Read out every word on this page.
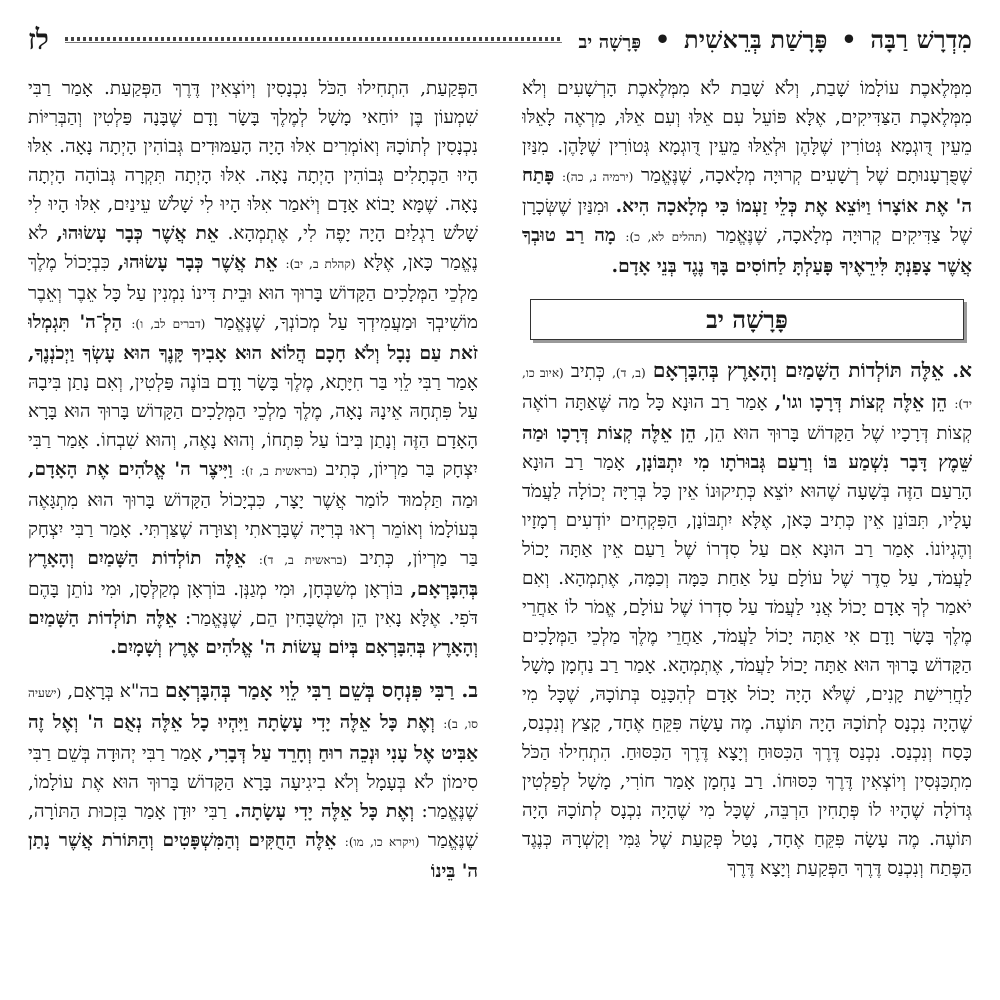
מִדְרָשׁ רַבָּה • פָּרָשַׁת בְּרֵאשִׁית • פָּרָשָׁה יב
לז

מִמְּלֶאכֶת עוֹלָמוֹ שָׁבַת, וְלֹא שָׁבַת לֹא מִמְּלֶאכֶת הָרְשָׁעִים וְלֹא מִמְּלֶאכֶת הַצַּדִּיקִים, אֶלָּא פּוֹעֵל עִם אֵלּוּ וְעִם אֵלּוּ, מַרְאֶה לָאֵלּוּ מֵעֵין דֻּוגְמָא גְּטוֹרִין שֶׁלָּהֶן וּלְאֵלּוּ מֵעֵין דֻּוגְמָא גְּטוֹרִין שֶׁלָּהֶן. מִנַּיִן שֶׁפֻּרְעָנוּתָם שֶׁל רְשָׁעִים קְרוּיָה מְלָאכָה, שֶׁנֶּאֱמַר (ירמיה נ, כה): פָּתַח ה' אֶת אוֹצָרוֹ וַיּוֹצֵא אֶת כְּלֵי זַעְמוֹ כִּי מְלָאכָה הִיא. וּמִנַּיִן שֶׁשְּׂכָרָן שֶׁל צַדִּיקִים קְרוּיָה מְלָאכָה, שֶׁנֶּאֱמַר (תהלים לא, כ): מָה רַב טוּבְךָ אֲשֶׁר צָפַנְתָּ לִּירֵאֶיךָ פָּעַלְתָּ לַחוֹסִים בָּךְ נֶגֶד בְּנֵי אָדָם.

פָּרָשָׁה יב

א. אֵלֶּה תּוֹלְדוֹת הַשָּׁמַיִם וְהָאָרֶץ בְּהִבָּרְאָם (ב, ד), כְּתִיב (איוב כו, יד): הֵן אֵלֶּה קְצוֹת דְּרָכָו וגו', אָמַר רַב הוּנָא כָּל מַה שֶּׁאַתָּה רוֹאֶה קְצוֹת דְּרָכָיו שֶׁל הַקָּדוֹשׁ בָּרוּךְ הוּא הֵן, הֵן אֵלֶּה קְצוֹת דְּרָכָו וּמַה שֵּׁמֶץ דָּבָר נִשְׁמַע בּוֹ וְרַעַם גְּבוּרֹתָו מִי יִתְבּוֹנָן, אָמַר רַב הוּנָא הָרַעַם הַזֶּה בְּשָׁעָה שֶׁהוּא יוֹצֵא כְּתִיקוּנוֹ אֵין כָּל בְּרִיָּה יְכוֹלָה לַעֲמֹד עָלָיו, תִּבּוֹנֵן אֵין כְּתִיב כָּאן, אֶלָּא יִתְבּוֹנָן, הַפִּקְחִים יוֹדְעִים רְמָזָיו וְהֶגְיוֹנוֹ. אָמַר רַב הוּנָא אִם עַל סִדְרוֹ שֶׁל רַעַם אֵין אַתָּה יָכוֹל לַעֲמֹד, עַל סֵדֶר שֶׁל עוֹלָם עַל אַחַת כַּמָּה וְכַמָּה, אֶתְמְהָא. וְאִם יֹאמַר לְךָ אָדָם יָכוֹל אֲנִי לַעֲמֹד עַל סִדְרוֹ שֶׁל עוֹלָם, אֱמֹר לוֹ אַחֲרֵי מֶלֶךְ בָּשָׂר וָדָם אִי אַתָּה יָכוֹל לַעֲמֹד, אַחֲרֵי מֶלֶךְ מַלְכֵי הַמְּלָכִים הַקָּדוֹשׁ בָּרוּךְ הוּא אַתָּה יָכוֹל לַעֲמֹד, אֶתְמְהָא. אָמַר רַב נַחְמָן מָשָׁל לַחֲרִישַׁת קָנִים, שֶׁלֹּא הָיָה יָכוֹל אָדָם לְהִכָּנֵס בְּתוֹכָהּ, שֶׁכָּל מִי שֶׁהָיָה נִכְנָס לְתוֹכָהּ הָיָה תּוֹעֶה. מֶה עָשָׂה פִּקֵּחַ אֶחָד, קָצַץ וְנִכְנַס, כָּסַח וְנִכְנַס. נִכְנַס דֶּרֶךְ הַכִּסּוּחַ וְיָצָא דֶּרֶךְ הַכִּסּוּחַ. הִתְחִילוּ הַכֹּל מִתְכַּנְּסִין וְיוֹצְאִין דֶּרֶךְ כִּסּוּחוֹ. רַב נַחְמָן אָמַר חוֹרִי, מָשָׁל לְפַלְטִין גְּדוֹלָה שֶׁהָיוּ לוֹ פְּתָחִין הַרְבֵּה, שֶׁכָּל מִי שֶׁהָיָה נִכְנָס לְתוֹכָהּ הָיָה תּוֹעֶה. מֶה עָשָׂה פִּקֵּחַ אֶחָד, נָטַל פְּקַעַת שֶׁל גַּמִּי וְקָשְׁרָהּ כְּנֶגֶד הַפֶּתַח וְנִכְנַס דֶּרֶךְ הַפְּקַעַת וְיָצָא דֶּרֶךְ

הַפְּקַעַת, הִתְחִילוּ הַכֹּל נִכְנָסִין וְיוֹצְאִין דֶּרֶךְ הַפְּקַעַת. אָמַר רַבִּי שִׁמְעוֹן בֶּן יוֹחַאי מָשָׁל לְמֶלֶךְ בָּשָׂר וָדָם שֶׁבָּנָה פַּלְטִין וְהַבְּרִיּוֹת נִכְנָסִין לְתוֹכָהּ וְאוֹמְרִים אִלּוּ הָיָה הָעַמּוּדִים גְּבוֹהִין הָיְתָה נָאָה. אִלּוּ הָיוּ הַכְּתָלִים גְּבוֹהִין הָיְתָה נָאָה. אִלּוּ הָיְתָה תִּקְרָה גְּבוֹהָה הָיְתָה נָאָה. שֶׁמָּא יָבוֹא אָדָם וְיֹאמַר אִלּוּ הָיוּ לִי שָׁלֹשׁ עֵינַיִם, אִלּוּ הָיוּ לִי שָׁלֹשׁ רַגְלַיִם הָיָה יָפֶה לִי, אֶתְמְהָא. אֵת אֲשֶׁר כְּבָר עָשׂוּהוּ, לֹא נֶאֱמַר כָּאן, אֶלָּא (קהלת ב, יב): אֵת אֲשֶׁר כְּבָר עָשׂוּהוּ, כִּבְיָכוֹל מֶלֶךְ מַלְכֵי הַמְּלָכִים הַקָּדוֹשׁ בָּרוּךְ הוּא וּבֵית דִּינוֹ נִמְנִין עַל כָּל אֵבֶר וְאֵבֶר מוֹשִׁיבְךָ וּמַעֲמִידְךָ עַל מְכוֹנְךָ, שֶׁנֶּאֱמַר (דברים לב, ו): הַלְ־ה' תִּגְמְלוּ זֹאת עַם נָבָל וְלֹא חָכָם הֲלוֹא הוּא אָבִיךָ קָּנֶךָ הוּא עָשְׂךָ וַיְכֹנְנֶךָ, אָמַר רַבִּי לֵוִי בַּר חִיָּתָא, מֶלֶךְ בָּשָׂר וָדָם בּוֹנֶה פַּלְטִין, וְאִם נָתַן בִּיבָהּ עַל פִּתְחָהּ אֵינָהּ נָאָה, מֶלֶךְ מַלְכֵי הַמְּלָכִים הַקָּדוֹשׁ בָּרוּךְ הוּא בָּרָא הָאָדָם הַזֶּה וְנָתַן בִּיבוֹ עַל פִּתְחוֹ, וְהוּא נָאֶה, וְהוּא שִׁבְחוֹ. אָמַר רַבִּי יִצְחָק בַּר מַרְיוֹן, כְּתִיב (בראשית ב, ז): וַיִּיצֶר ה' אֱלֹהִים אֶת הָאָדָם, וּמַה תַּלְמוּד לוֹמַר אֲשֶׁר יָצָר, כִּבְיָכוֹל הַקָּדוֹשׁ בָּרוּךְ הוּא מִתְגָּאֶה בְּעוֹלָמוֹ וְאוֹמֵר רְאוּ בְּרִיָּה שֶׁבָּרָאתִי וְצוּרָה שֶׁצַּרְתִּי. אָמַר רַבִּי יִצְחָק בַּר מַרְיוֹן, כְּתִיב (בראשית ב, ד): אֵלֶּה תוֹלְדוֹת הַשָּׁמַיִם וְהָאָרֶץ בְּהִבָּרְאָם, בּוֹרְאָן מְשַׁבְּחָן, וּמִי מְגַנְּן. בּוֹרְאָן מְקַלְּסָן, וּמִי נוֹתֵן בָּהֶם דֹּפִי. אֶלָּא נָאִין הֵן וּמְשֻׁבָּחִין הֵם, שֶׁנֶּאֱמַר: אֵלֶּה תוֹלְדוֹת הַשָּׁמַיִם וְהָאָרֶץ בְּהִבָּרְאָם בְּיוֹם עֲשׂוֹת ה' אֱלֹהִים אֶרֶץ וְשָׁמָיִם.

ב. רַבִּי פִּנְחָס בְּשֵׁם רַבִּי לֵוִי אָמַר בְּהִבָּרְאָם בה"א בְּרָאָם, (ישעיה סו, ב): וְאֶת כָּל אֵלֶּה יָדִי עָשָׂתָה וַיִּהְיוּ כָל אֵלֶּה נְאֻם ה' וְאֶל זֶה אַבִּיט אֶל עָנִי וּנְכֵה רוּחַ וְחָרֵד עַל דְּבָרִי, אָמַר רַבִּי יְהוּדָה בְּשֵׁם רַבִּי סִימוֹן לֹא בְּעָמָל וְלֹא בִיגִיעָה בָּרָא הַקָּדוֹשׁ בָּרוּךְ הוּא אֶת עוֹלָמוֹ, שֶׁנֶּאֱמַר: וְאֶת כָּל אֵלֶּה יָדִי עָשָׂתָה. רַבִּי יוּדָן אָמַר בִּזְכוּת הַתּוֹרָה, שֶׁנֶּאֱמַר (ויקרא כו, מו): אֵלֶּה הַחֻקִּים וְהַמִּשְׁפָּטִים וְהַתּוֹרֹת אֲשֶׁר נָתַן ה' בֵּינוֹ
